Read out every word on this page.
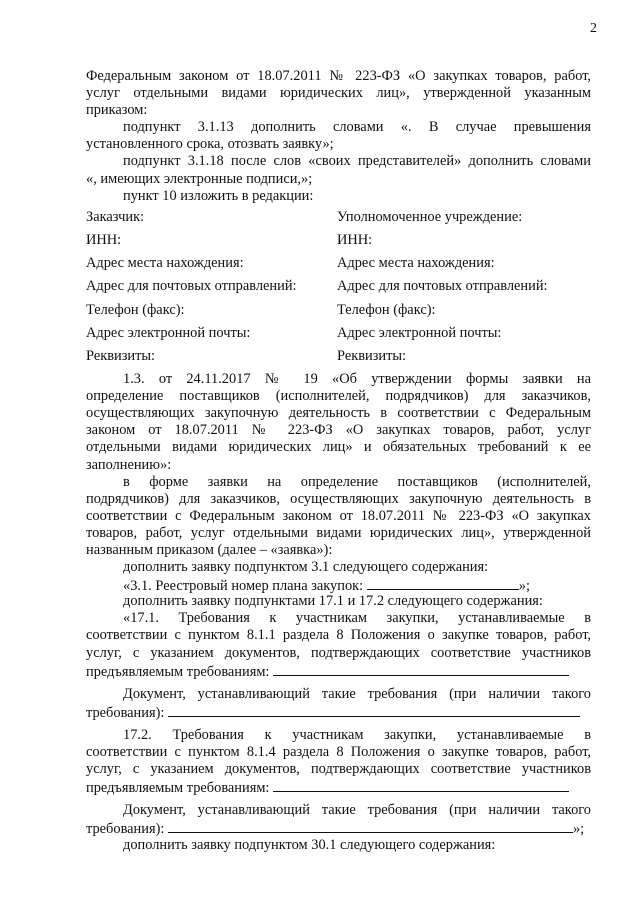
2
Федеральным законом от 18.07.2011 № 223-ФЗ «О закупках товаров, работ,
услуг отдельными видами юридических лиц», утвержденной указанным
приказом:
подпункт 3.1.13 дополнить словами «. В случае превышения
установленного срока, отозвать заявку»;
подпункт 3.1.18 после слов «своих представителей» дополнить словами
«, имеющих электронные подписи,»;
пункт 10 изложить в редакции:
Заказчик:	Уполномоченное учреждение:
ИНН:	ИНН:
Адрес места нахождения:	Адрес места нахождения:
Адрес для почтовых отправлений:	Адрес для почтовых отправлений:
Телефон (факс):	Телефон (факс):
Адрес электронной почты:	Адрес электронной почты:
Реквизиты:	Реквизиты:
1.3. от 24.11.2017 № 19 «Об утверждении формы заявки на
определение поставщиков (исполнителей, подрядчиков) для заказчиков,
осуществляющих закупочную деятельность в соответствии с Федеральным
законом от 18.07.2011 № 223-ФЗ «О закупках товаров, работ, услуг
отдельными видами юридических лиц» и обязательных требований к ее
заполнению»:
в форме заявки на определение поставщиков (исполнителей,
подрядчиков) для заказчиков, осуществляющих закупочную деятельность в
соответствии с Федеральным законом от 18.07.2011 № 223-ФЗ «О закупках
товаров, работ, услуг отдельными видами юридических лиц», утвержденной
названным приказом (далее – «заявка»):
дополнить заявку подпунктом 3.1 следующего содержания:
«3.1. Реестровый номер плана закупок:	»;
дополнить заявку подпунктами 17.1 и 17.2 следующего содержания:
«17.1. Требования к участникам закупки, устанавливаемые в
соответствии с пунктом 8.1.1 раздела 8 Положения о закупке товаров, работ,
услуг, с указанием документов, подтверждающих соответствие участников
предъявляемым требованиям:
Документ, устанавливающий такие требования (при наличии такого
требования):
17.2. Требования к участникам закупки, устанавливаемые в
соответствии с пунктом 8.1.4 раздела 8 Положения о закупке товаров, работ,
услуг, с указанием документов, подтверждающих соответствие участников
предъявляемым требованиям:
Документ, устанавливающий такие требования (при наличии такого
требования):	»;
дополнить заявку подпунктом 30.1 следующего содержания:
